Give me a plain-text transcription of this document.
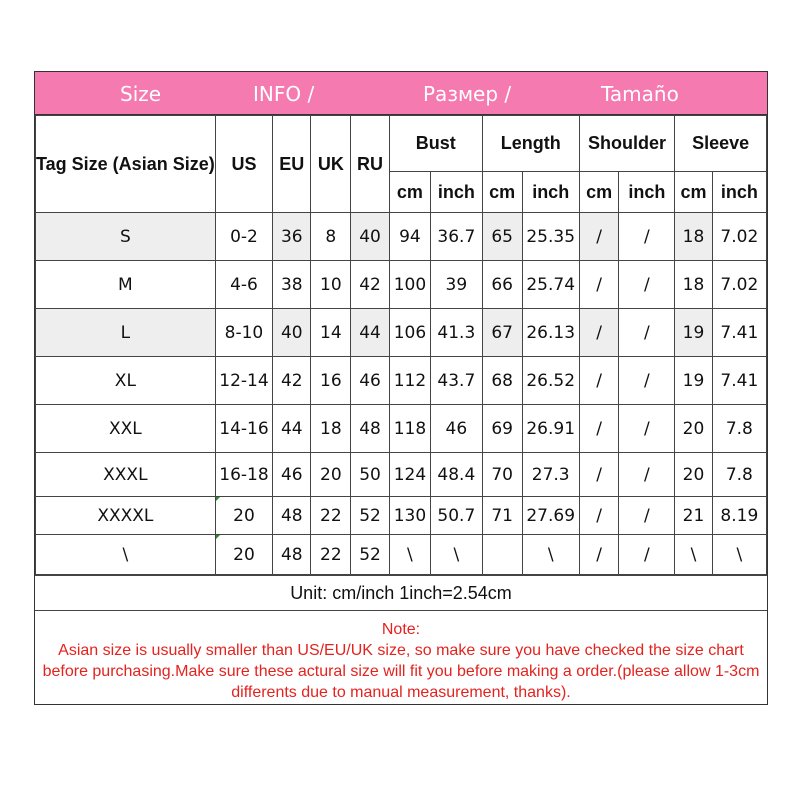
Size	INFO /	Размер /	Tamaño
Tag Size (Asian Size)	US	EU	UK	RU	Bust		Length		Shoulder		Sleeve	
					cm	inch	cm	inch	cm	inch	cm	inch
S	0-2	36	8	40	94	36.7	65	25.35	/	/	18	7.02
M	4-6	38	10	42	100	39	66	25.74	/	/	18	7.02
L	8-10	40	14	44	106	41.3	67	26.13	/	/	19	7.41
XL	12-14	42	16	46	112	43.7	68	26.52	/	/	19	7.41
XXL	14-16	44	18	48	118	46	69	26.91	/	/	20	7.8
XXXL	16-18	46	20	50	124	48.4	70	27.3	/	/	20	7.8
XXXXL	20	48	22	52	130	50.7	71	27.69	/	/	21	8.19
\	20	48	22	52	\	\		\	/	/	\	\
Unit: cm/inch 1inch=2.54cm
Note:
Asian size is usually smaller than US/EU/UK size, so make sure you have checked the size chart before purchasing.Make sure these actural size will fit you before making a order.(please allow 1-3cm differents due to manual measurement, thanks).
